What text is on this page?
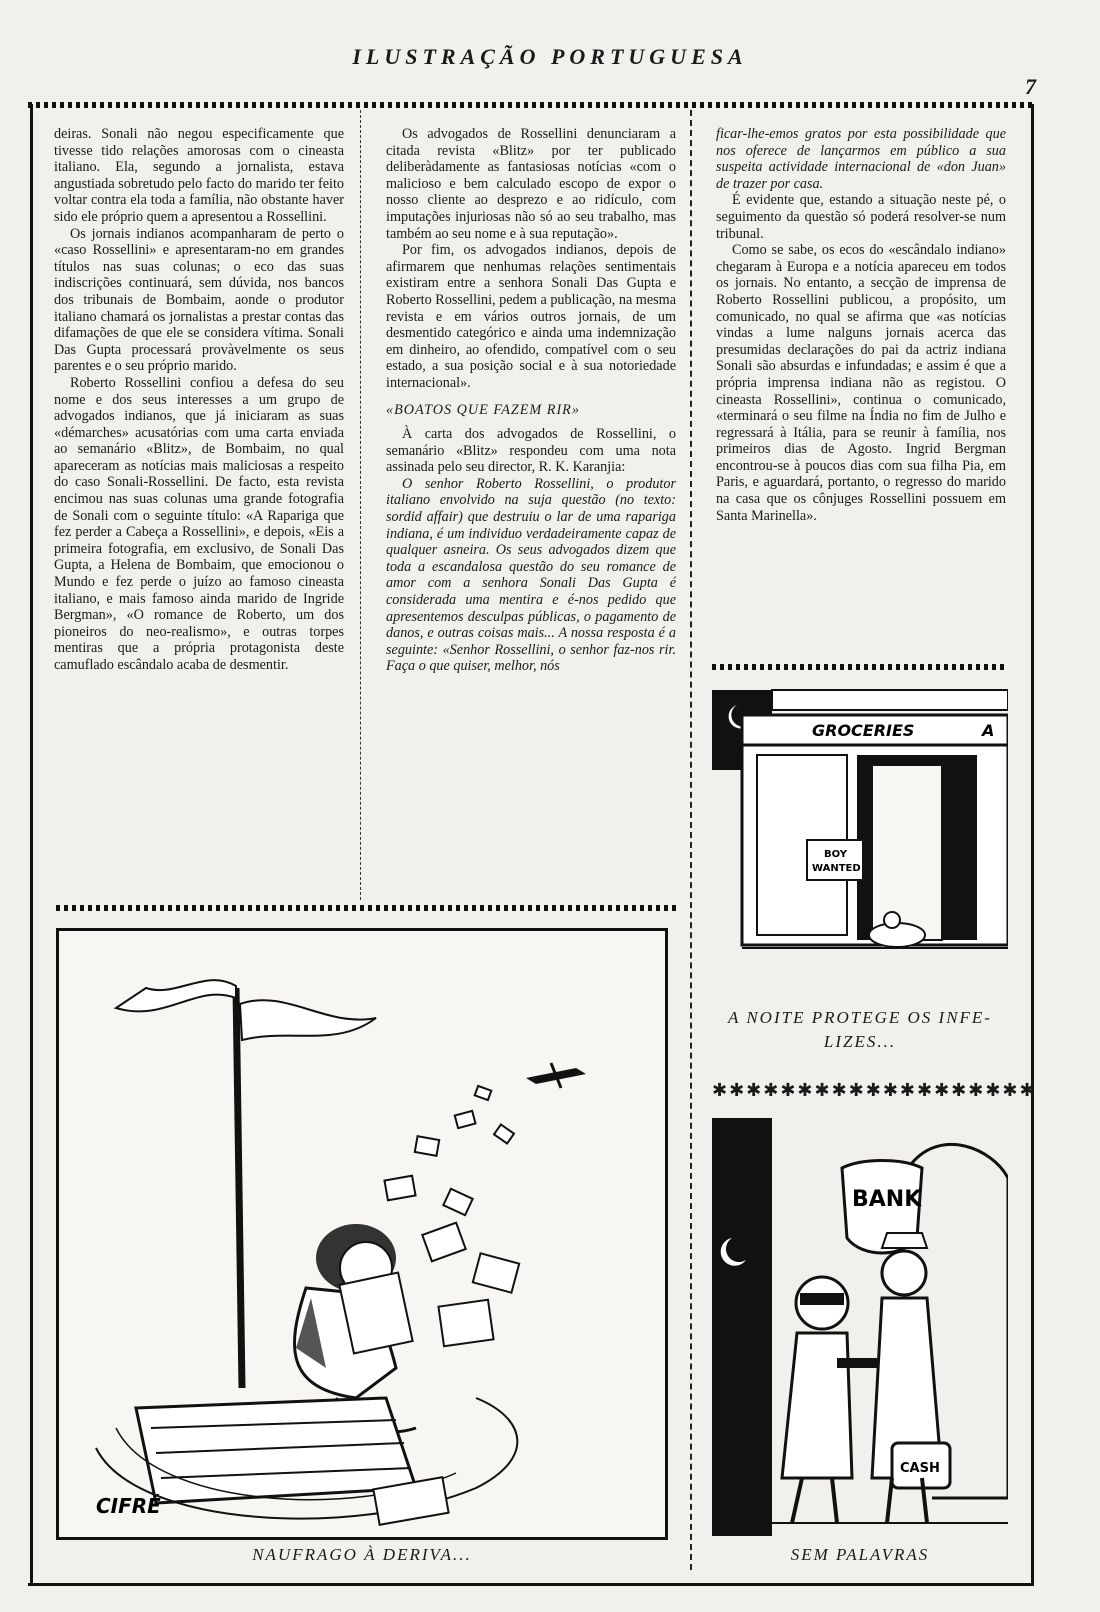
ILUSTRAÇÃO PORTUGUESA
7

deiras. Sonali não negou especificamente que tivesse tido relações amorosas com o cineasta italiano. Ela, segundo a jornalista, estava angustiada sobretudo pelo facto do marido ter feito voltar contra ela toda a família, não obstante haver sido ele próprio quem a apresentou a Rossellini.

Os jornais indianos acompanharam de perto o «caso Rossellini» e apresentaram-no em grandes títulos nas suas colunas; o eco das suas indiscrições continuará, sem dúvida, nos bancos dos tribunais de Bombaim, aonde o produtor italiano chamará os jornalistas a prestar contas das difamações de que ele se considera vítima. Sonali Das Gupta processará provàvelmente os seus parentes e o seu próprio marido.

Roberto Rossellini confiou a defesa do seu nome e dos seus interesses a um grupo de advogados indianos, que já iniciaram as suas «démarches» acusatórias com uma carta enviada ao semanário «Blitz», de Bombaim, no qual apareceram as notícias mais maliciosas a respeito do caso Sonali-Rossellini. De facto, esta revista encimou nas suas colunas uma grande fotografia de Sonali com o seguinte título: «A Rapariga que fez perder a Cabeça a Rossellini», e depois, «Eis a primeira fotografia, em exclusivo, de Sonali Das Gupta, a Helena de Bombaim, que emocionou o Mundo e fez perde o juízo ao famoso cineasta italiano, e mais famoso ainda marido de Ingride Bergman», «O romance de Roberto, um dos pioneiros do neo-realismo», e outras torpes mentiras que a própria protagonista deste camuflado escândalo acaba de desmentir.

Os advogados de Rossellini denunciaram a citada revista «Blitz» por ter publicado deliberàdamente as fantasiosas notícias «com o malicioso e bem calculado escopo de expor o nosso cliente ao desprezo e ao ridículo, com imputações injuriosas não só ao seu trabalho, mas também ao seu nome e à sua reputação».

Por fim, os advogados indianos, depois de afirmarem que nenhumas relações sentimentais existiram entre a senhora Sonali Das Gupta e Roberto Rossellini, pedem a publicação, na mesma revista e em vários outros jornais, de um desmentido categórico e ainda uma indemnização em dinheiro, ao ofendido, compatível com o seu estado, a sua posição social e à sua notoriedade internacional».

«BOATOS QUE FAZEM RIR»

À carta dos advogados de Rossellini, o semanário «Blitz» respondeu com uma nota assinada pelo seu director, R. K. Karanjia:

O senhor Roberto Rossellini, o produtor italiano envolvido na suja questão (no texto: sordid affair) que destruiu o lar de uma rapariga indiana, é um individuo verdadeiramente capaz de qualquer asneira. Os seus advogados dizem que toda a escandalosa questão do seu romance de amor com a senhora Sonali Das Gupta é considerada uma mentira e é-nos pedido que apresentemos desculpas públicas, o pagamento de danos, e outras coisas mais... A nossa resposta é a seguinte: «Senhor Rossellini, o senhor faz-nos rir. Faça o que quiser, melhor, nós

ficar-lhe-emos gratos por esta possibilidade que nos oferece de lançarmos em público a sua suspeita actividade internacional de «don Juan» de trazer por casa.

É evidente que, estando a situação neste pé, o seguimento da questão só poderá resolver-se num tribunal.

Como se sabe, os ecos do «escândalo indiano» chegaram à Europa e a notícia apareceu em todos os jornais. No entanto, a secção de imprensa de Roberto Rossellini publicou, a propósito, um comunicado, no qual se afirma que «as notícias vindas a lume nalguns jornais acerca das presumidas declarações do pai da actriz indiana Sonali são absurdas e infundadas; e assim é que a própria imprensa indiana não as registou. O cineasta Rossellini», continua o comunicado, «terminará o seu filme na Índia no fim de Julho e regressará à Itália, para se reunir à família, nos primeiros dias de Agosto. Ingrid Bergman encontrou-se à poucos dias com sua filha Pia, em Paris, e aguardará, portanto, o regresso do marido na casa que os cônjuges Rossellini possuem em Santa Marinella».

CIFRÉ
NAUFRAGO À DERIVA...
GROCERIES	A
BOY
WANTED
A NOITE PROTEGE OS INFE-
LIZES...
✱✱✱✱✱✱✱✱✱✱✱✱✱✱✱✱✱✱✱
BANK
CASH
SEM PALAVRAS
